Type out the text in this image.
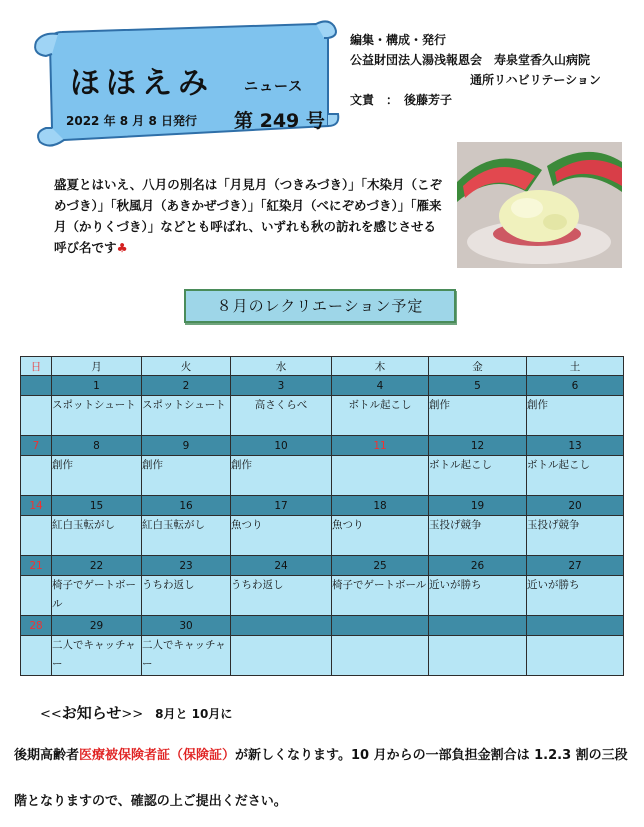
ほほえみ ニュース
2022 年 8 月 8 日発行 第 249 号
編集・構成・発行
公益財団法人湯浅報恩会　寿泉堂香久山病院
通所リハビリテーション
文責　：　後藤芳子
盛夏とはいえ、八月の別名は「月見月（つきみづき）」「木染月（こぞめづき）」「秋風月（あきかぜづき）」「紅染月（べにぞめづき）」「雁来月（かりくづき）」などとも呼ばれ、いずれも秋の訪れを感じさせる呼び名です♣
８月のレクリエーション予定
日	月	火	水	木	金	土
	1	2	3	4	5	6
	スポットシュート	スポットシュート	高さくらべ	ボトル起こし	創作	創作
7	8	9	10	11	12	13
	創作	創作	創作		ボトル起こし	ボトル起こし
14	15	16	17	18	19	20
	紅白玉転がし	紅白玉転がし	魚つり	魚つり	玉投げ競争	玉投げ競争
21	22	23	24	25	26	27
	椅子でゲートボール	うちわ返し	うちわ返し	椅子でゲートボール	近いが勝ち	近いが勝ち
28	29	30				
	二人でキャッチャー	二人でキャッチャー				
<<お知らせ>> 8月と 10月に
後期高齢者医療被保険者証（保険証）が新しくなります。10 月からの一部負担金割合は 1.2.3 割の三段階となりますので、確認の上ご提出ください。
